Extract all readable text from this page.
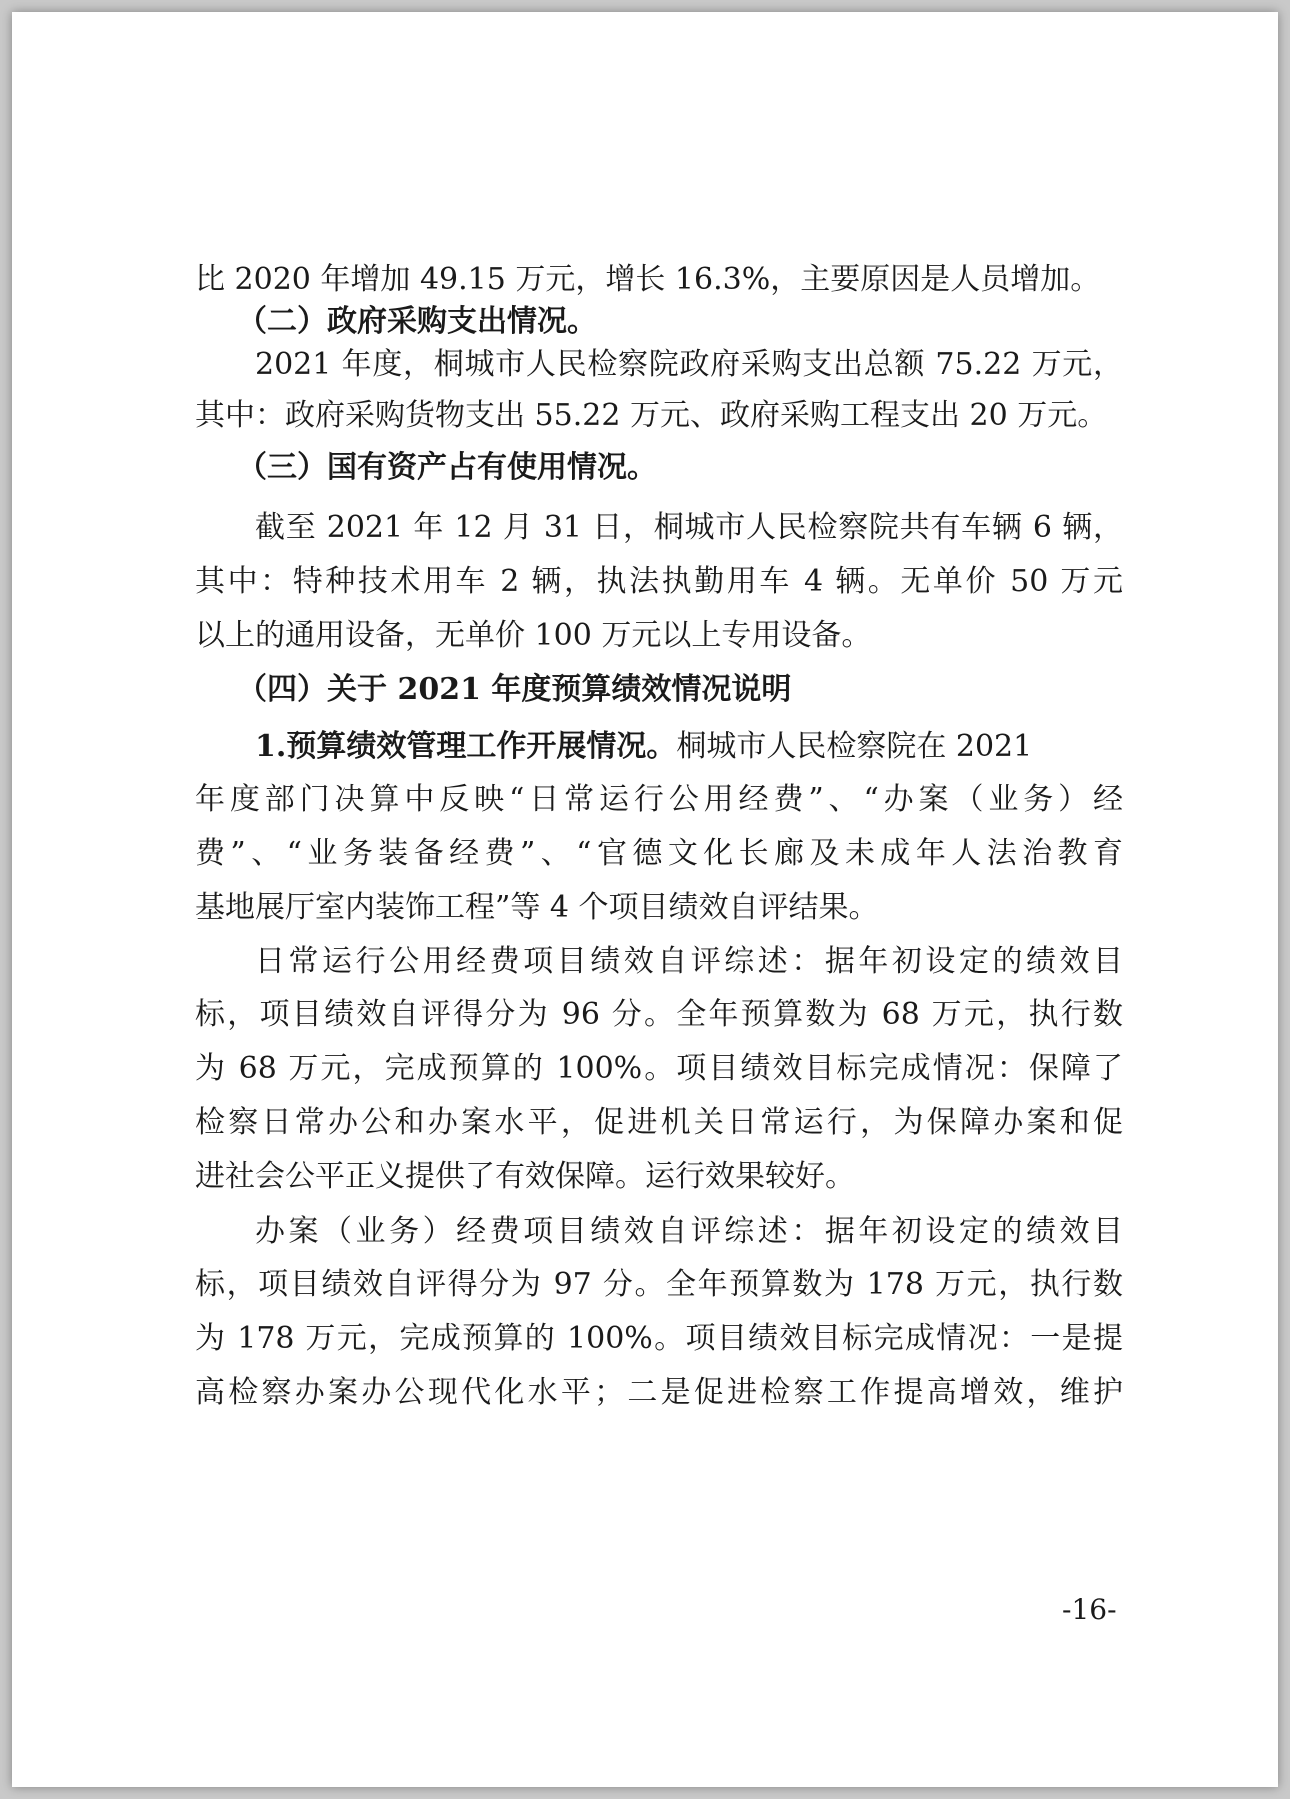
比 2020 年增加 49.15 万元，增长 16.3%，主要原因是人员增加。
（二）政府采购支出情况。
2021 年度，桐城市人民检察院政府采购支出总额 75.22 万元，
其中：政府采购货物支出 55.22 万元、政府采购工程支出 20 万元。
（三）国有资产占有使用情况。
截至 2021 年 12 月 31 日，桐城市人民检察院共有车辆 6 辆，
其中：特种技术用车 2 辆，执法执勤用车 4 辆。无单价 50 万元
以上的通用设备，无单价 100 万元以上专用设备。
（四）关于 2021 年度预算绩效情况说明
1.预算绩效管理工作开展情况。桐城市人民检察院在 2021
年度部门决算中反映“日常运行公用经费”、“办案（业务）经
费”、“业务装备经费”、“官德文化长廊及未成年人法治教育
基地展厅室内装饰工程”等 4 个项目绩效自评结果。
日常运行公用经费项目绩效自评综述：据年初设定的绩效目
标，项目绩效自评得分为 96 分。全年预算数为 68 万元，执行数
为 68 万元，完成预算的 100%。项目绩效目标完成情况：保障了
检察日常办公和办案水平，促进机关日常运行，为保障办案和促
进社会公平正义提供了有效保障。运行效果较好。
办案（业务）经费项目绩效自评综述：据年初设定的绩效目
标，项目绩效自评得分为 97 分。全年预算数为 178 万元，执行数
为 178 万元，完成预算的 100%。项目绩效目标完成情况：一是提
高检察办案办公现代化水平；二是促进检察工作提高增效，维护
-16-
